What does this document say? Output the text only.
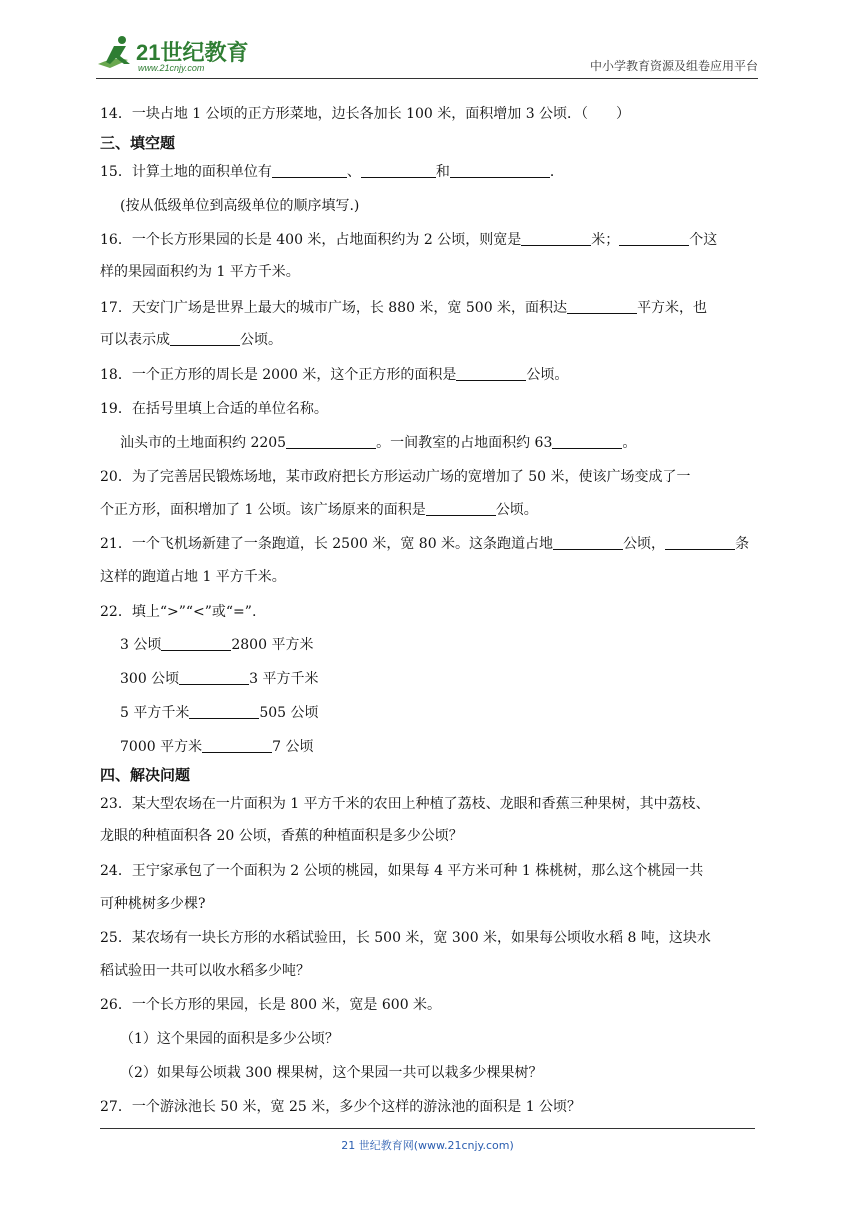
21世纪教育
www.21cnjy.com	中小学教育资源及组卷应用平台
14．一块占地 1 公顷的正方形菜地，边长各加长 100 米，面积增加 3 公顷．（　　）
三、填空题
15．计算土地的面积单位有	、	和	．
(按从低级单位到高级单位的顺序填写.)
16．一个长方形果园的长是 400 米，占地面积约为 2 公顷，则宽是	米；	个这
样的果园面积约为 1 平方千米。
17．天安门广场是世界上最大的城市广场，长 880 米，宽 500 米，面积达	平方米，也
可以表示成	公顷。
18．一个正方形的周长是 2000 米，这个正方形的面积是	公顷。
19．在括号里填上合适的单位名称。
汕头市的土地面积约 2205	。一间教室的占地面积约 63	。
20．为了完善居民锻炼场地，某市政府把长方形运动广场的宽增加了 50 米，使该广场变成了一
个正方形，面积增加了 1 公顷。该广场原来的面积是	公顷。
21．一个飞机场新建了一条跑道，长 2500 米，宽 80 米。这条跑道占地	公顷，	条
这样的跑道占地 1 平方千米。
22．填上“>”“<”或“=”.
3 公顷	2800 平方米
300 公顷	3 平方千米
5 平方千米	505 公顷
7000 平方米	7 公顷
四、解决问题
23．某大型农场在一片面积为 1 平方千米的农田上种植了荔枝、龙眼和香蕉三种果树，其中荔枝、
龙眼的种植面积各 20 公顷，香蕉的种植面积是多少公顷？
24．王宁家承包了一个面积为 2 公顷的桃园，如果每 4 平方米可种 1 株桃树，那么这个桃园一共
可种桃树多少棵?
25．某农场有一块长方形的水稻试验田，长 500 米，宽 300 米，如果每公顷收水稻 8 吨，这块水
稻试验田一共可以收水稻多少吨？
26．一个长方形的果园，长是 800 米，宽是 600 米。
（1）这个果园的面积是多少公顷？
（2）如果每公顷栽 300 棵果树，这个果园一共可以栽多少棵果树？
27．一个游泳池长 50 米，宽 25 米，多少个这样的游泳池的面积是 1 公顷？
21 世纪教育网(www.21cnjy.com)
